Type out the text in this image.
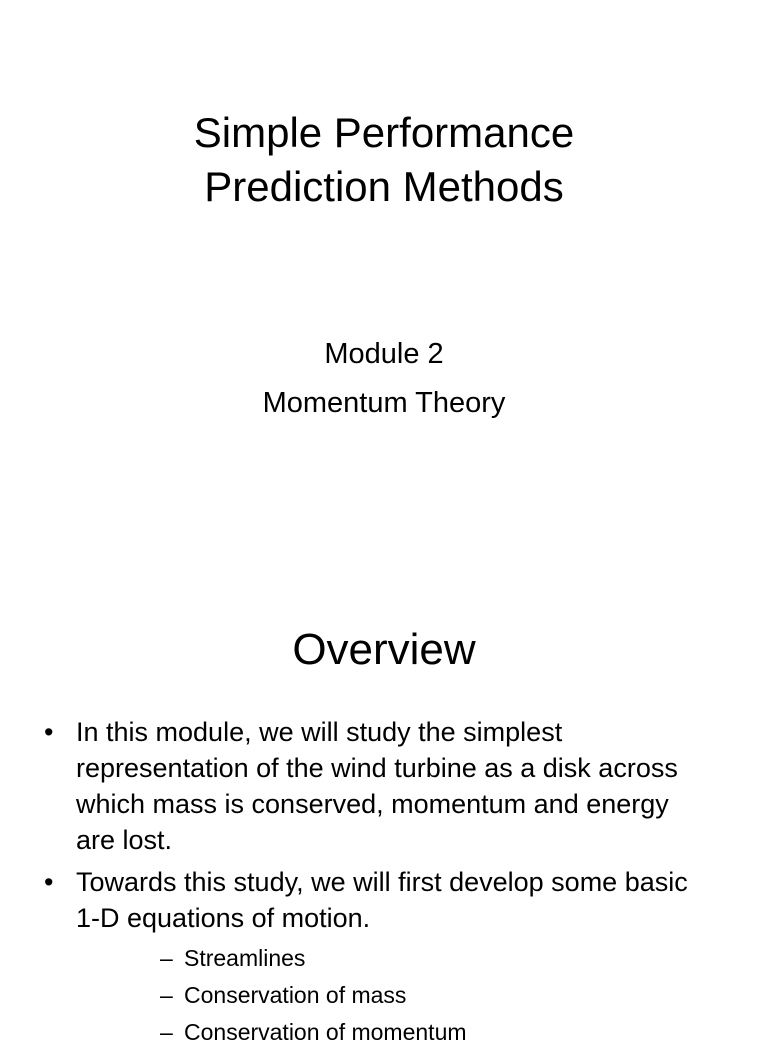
Simple Performance
Prediction Methods
Module 2
Momentum Theory
Overview
• In this module, we will study the simplest representation of the wind turbine as a disk across which mass is conserved, momentum and energy are lost.
• Towards this study, we will first develop some basic 1-D equations of motion.
– Streamlines
– Conservation of mass
– Conservation of momentum
